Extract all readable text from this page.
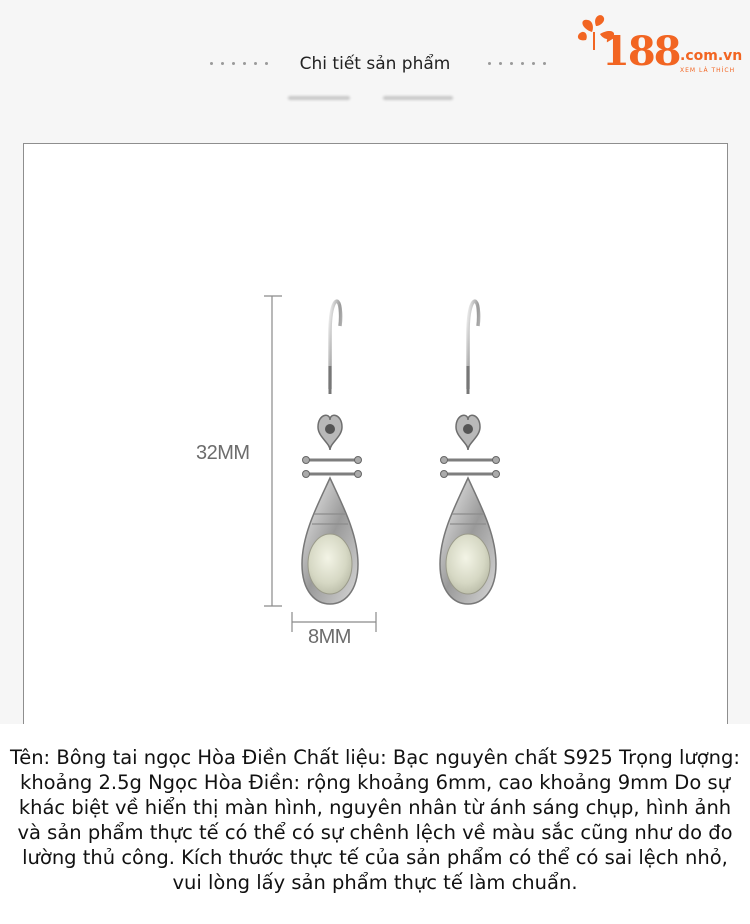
Chi tiết sản phẩm	188 .com.vn
XEM LÀ THÍCH
32MM
8MM
Tên: Bông tai ngọc Hòa Điền Chất liệu: Bạc nguyên chất S925 Trọng lượng: khoảng 2.5g Ngọc Hòa Điền: rộng khoảng 6mm, cao khoảng 9mm Do sự khác biệt về hiển thị màn hình, nguyên nhân từ ánh sáng chụp, hình ảnh và sản phẩm thực tế có thể có sự chênh lệch về màu sắc cũng như do đo lường thủ công. Kích thước thực tế của sản phẩm có thể có sai lệch nhỏ, vui lòng lấy sản phẩm thực tế làm chuẩn.
